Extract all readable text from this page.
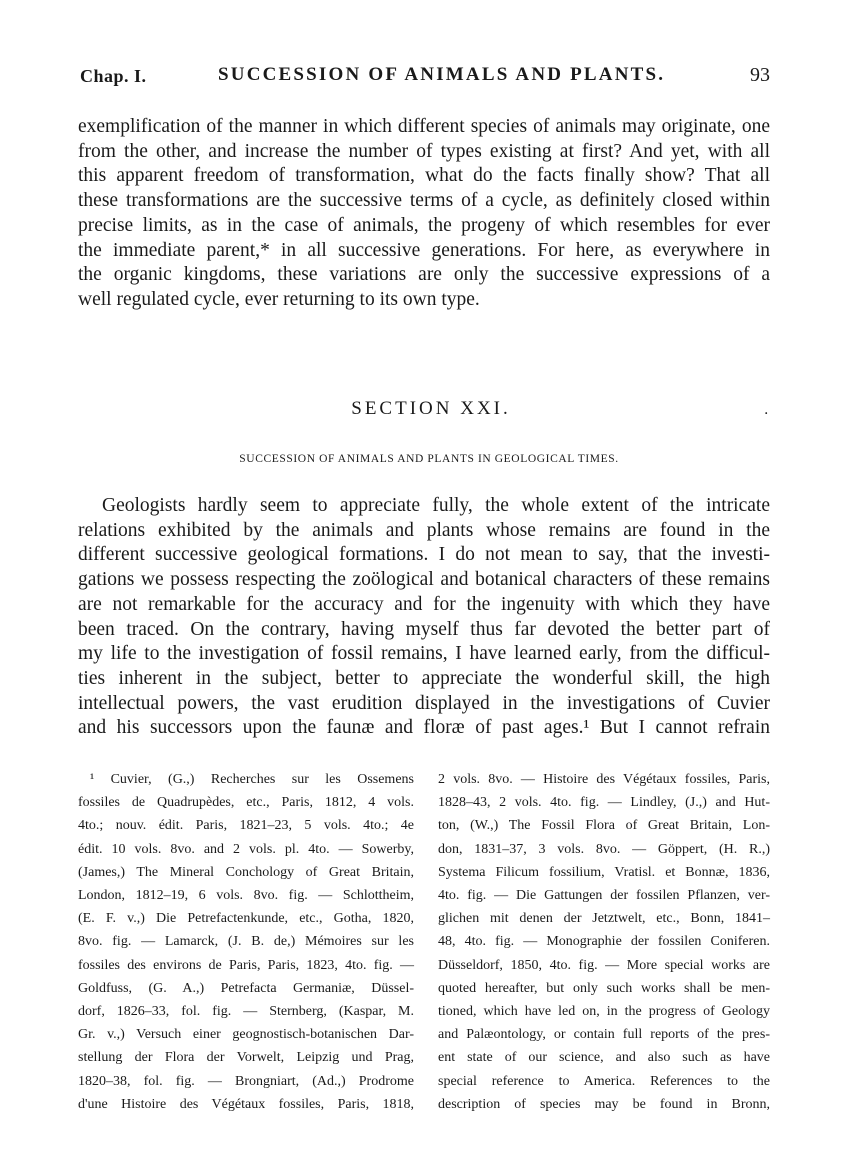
Chap. I.	SUCCESSION OF ANIMALS AND PLANTS.	93
exemplification of the manner in which different species of animals may originate, one
from the other, and increase the number of types existing at first? And yet, with all
this apparent freedom of transformation, what do the facts finally show? That all
these transformations are the successive terms of a cycle, as definitely closed within
precise limits, as in the case of animals, the progeny of which resembles for ever
the immediate parent,* in all successive generations. For here, as everywhere in
the organic kingdoms, these variations are only the successive expressions of a
well regulated cycle, ever returning to its own type.
SECTION XXI.	·
SUCCESSION OF ANIMALS AND PLANTS IN GEOLOGICAL TIMES.
Geologists hardly seem to appreciate fully, the whole extent of the intricate
relations exhibited by the animals and plants whose remains are found in the
different successive geological formations. I do not mean to say, that the investi-
gations we possess respecting the zoölogical and botanical characters of these remains
are not remarkable for the accuracy and for the ingenuity with which they have
been traced. On the contrary, having myself thus far devoted the better part of
my life to the investigation of fossil remains, I have learned early, from the difficul-
ties inherent in the subject, better to appreciate the wonderful skill, the high
intellectual powers, the vast erudition displayed in the investigations of Cuvier
and his successors upon the faunæ and floræ of past ages.¹ But I cannot refrain
¹ Cuvier, (G.,) Recherches sur les Ossemens
fossiles de Quadrupèdes, etc., Paris, 1812, 4 vols.
4to.; nouv. édit. Paris, 1821–23, 5 vols. 4to.; 4e
édit. 10 vols. 8vo. and 2 vols. pl. 4to. — Sowerby,
(James,) The Mineral Conchology of Great Britain,
London, 1812–19, 6 vols. 8vo. fig. — Schlottheim,
(E. F. v.,) Die Petrefactenkunde, etc., Gotha, 1820,
8vo. fig. — Lamarck, (J. B. de,) Mémoires sur les
fossiles des environs de Paris, Paris, 1823, 4to. fig. —
Goldfuss, (G. A.,) Petrefacta Germaniæ, Düssel-
dorf, 1826–33, fol. fig. — Sternberg, (Kaspar, M.
Gr. v.,) Versuch einer geognostisch-botanischen Dar-
stellung der Flora der Vorwelt, Leipzig und Prag,
1820–38, fol. fig. — Brongniart, (Ad.,) Prodrome
d'une Histoire des Végétaux fossiles, Paris, 1818,
2 vols. 8vo. — Histoire des Végétaux fossiles, Paris,
1828–43, 2 vols. 4to. fig. — Lindley, (J.,) and Hut-
ton, (W.,) The Fossil Flora of Great Britain, Lon-
don, 1831–37, 3 vols. 8vo. — Göppert, (H. R.,)
Systema Filicum fossilium, Vratisl. et Bonnæ, 1836,
4to. fig. — Die Gattungen der fossilen Pflanzen, ver-
glichen mit denen der Jetztwelt, etc., Bonn, 1841–
48, 4to. fig. — Monographie der fossilen Coniferen.
Düsseldorf, 1850, 4to. fig. — More special works are
quoted hereafter, but only such works shall be men-
tioned, which have led on, in the progress of Geology
and Palæontology, or contain full reports of the pres-
ent state of our science, and also such as have
special reference to America. References to the
description of species may be found in Bronn,
